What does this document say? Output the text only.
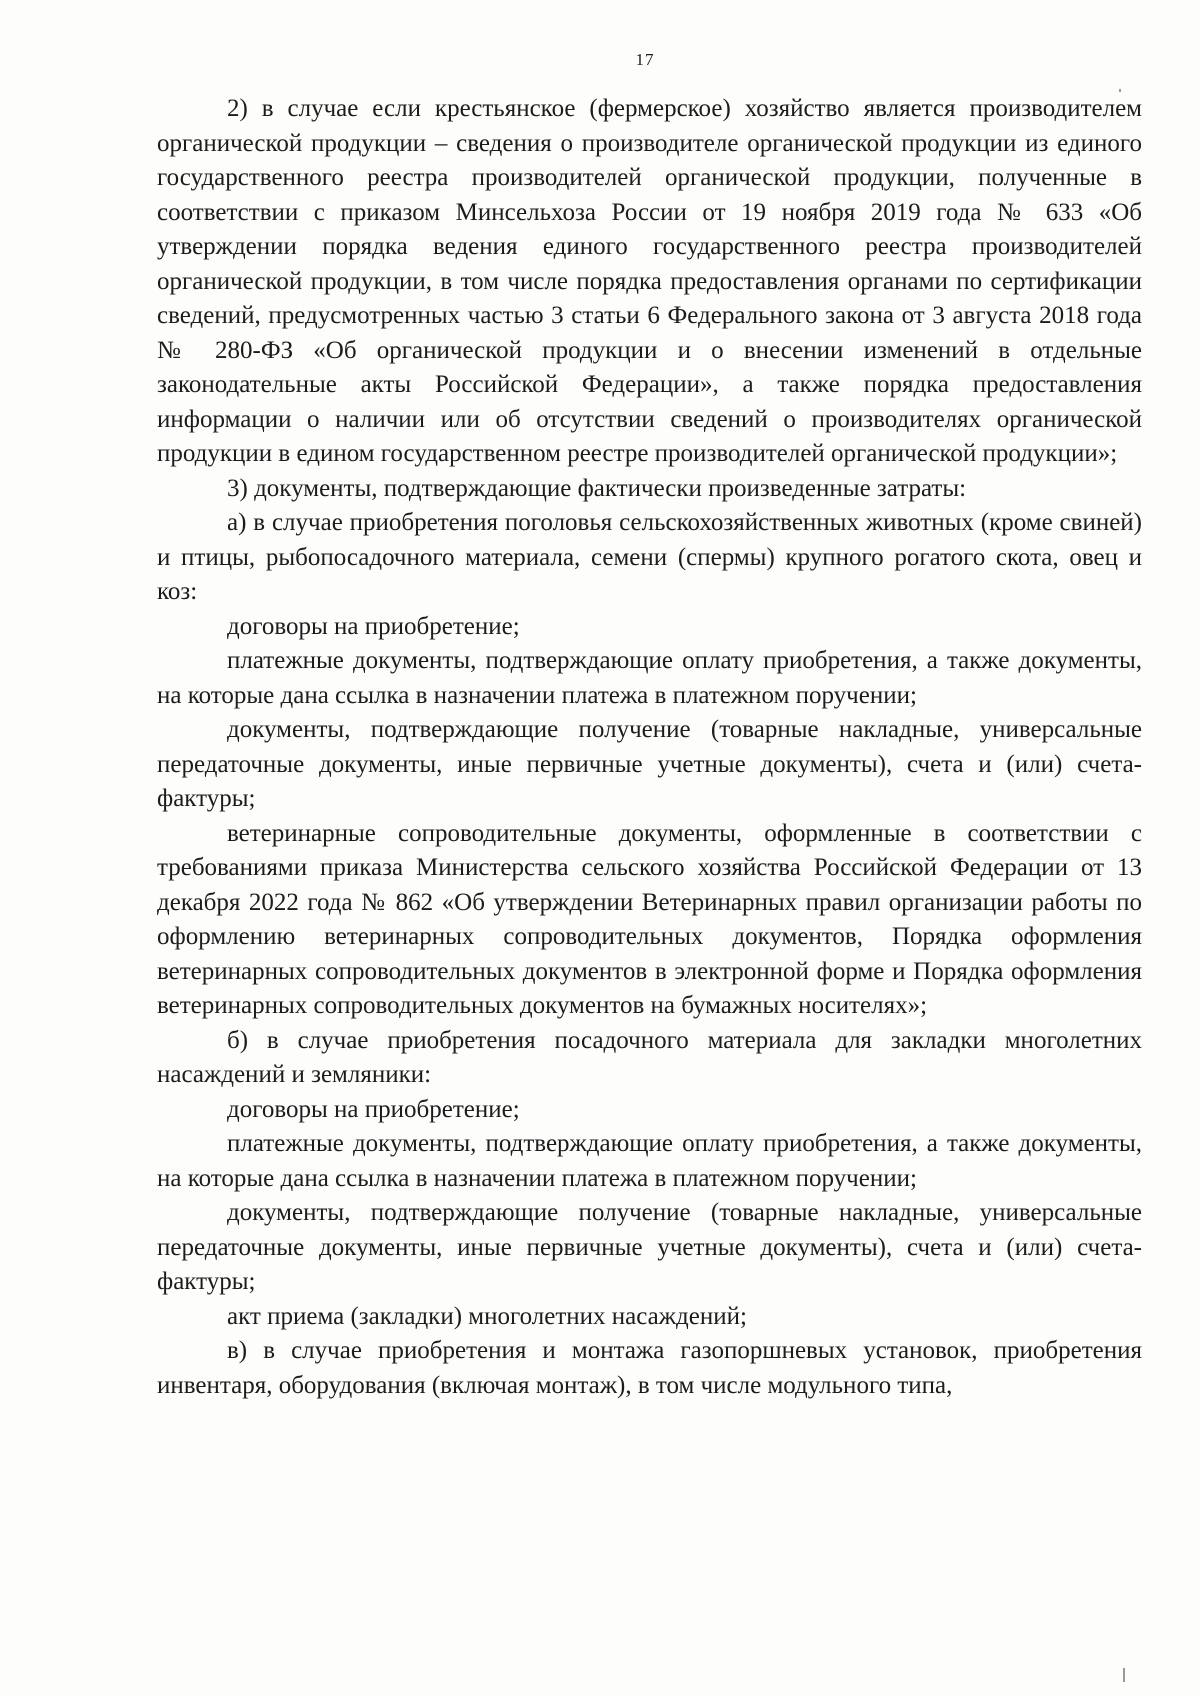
17

2) в случае если крестьянское (фермерское) хозяйство является производителем органической продукции – сведения о производителе органической продукции из единого государственного реестра производителей органической продукции, полученные в соответствии с приказом Минсельхоза России от 19 ноября 2019 года № 633 «Об утверждении порядка ведения единого государственного реестра производителей органической продукции, в том числе порядка предоставления органами по сертификации сведений, предусмотренных частью 3 статьи 6 Федерального закона от 3 августа 2018 года № 280-ФЗ «Об органической продукции и о внесении изменений в отдельные законодательные акты Российской Федерации», а также порядка предоставления информации о наличии или об отсутствии сведений о производителях органической продукции в едином государственном реестре производителей органической продукции»;

3) документы, подтверждающие фактически произведенные затраты:

а) в случае приобретения поголовья сельскохозяйственных животных (кроме свиней) и птицы, рыбопосадочного материала, семени (спермы) крупного рогатого скота, овец и коз:

договоры на приобретение;

платежные документы, подтверждающие оплату приобретения, а также документы, на которые дана ссылка в назначении платежа в платежном поручении;

документы, подтверждающие получение (товарные накладные, универсальные передаточные документы, иные первичные учетные документы), счета и (или) счета-фактуры;

ветеринарные сопроводительные документы, оформленные в соответствии с требованиями приказа Министерства сельского хозяйства Российской Федерации от 13 декабря 2022 года № 862 «Об утверждении Ветеринарных правил организации работы по оформлению ветеринарных сопроводительных документов, Порядка оформления ветеринарных сопроводительных документов в электронной форме и Порядка оформления ветеринарных сопроводительных документов на бумажных носителях»;

б) в случае приобретения посадочного материала для закладки многолетних насаждений и земляники:

договоры на приобретение;

платежные документы, подтверждающие оплату приобретения, а также документы, на которые дана ссылка в назначении платежа в платежном поручении;

документы, подтверждающие получение (товарные накладные, универсальные передаточные документы, иные первичные учетные документы), счета и (или) счета-фактуры;

акт приема (закладки) многолетних насаждений;

в) в случае приобретения и монтажа газопоршневых установок, приобретения инвентаря, оборудования (включая монтаж), в том числе модульного типа,
